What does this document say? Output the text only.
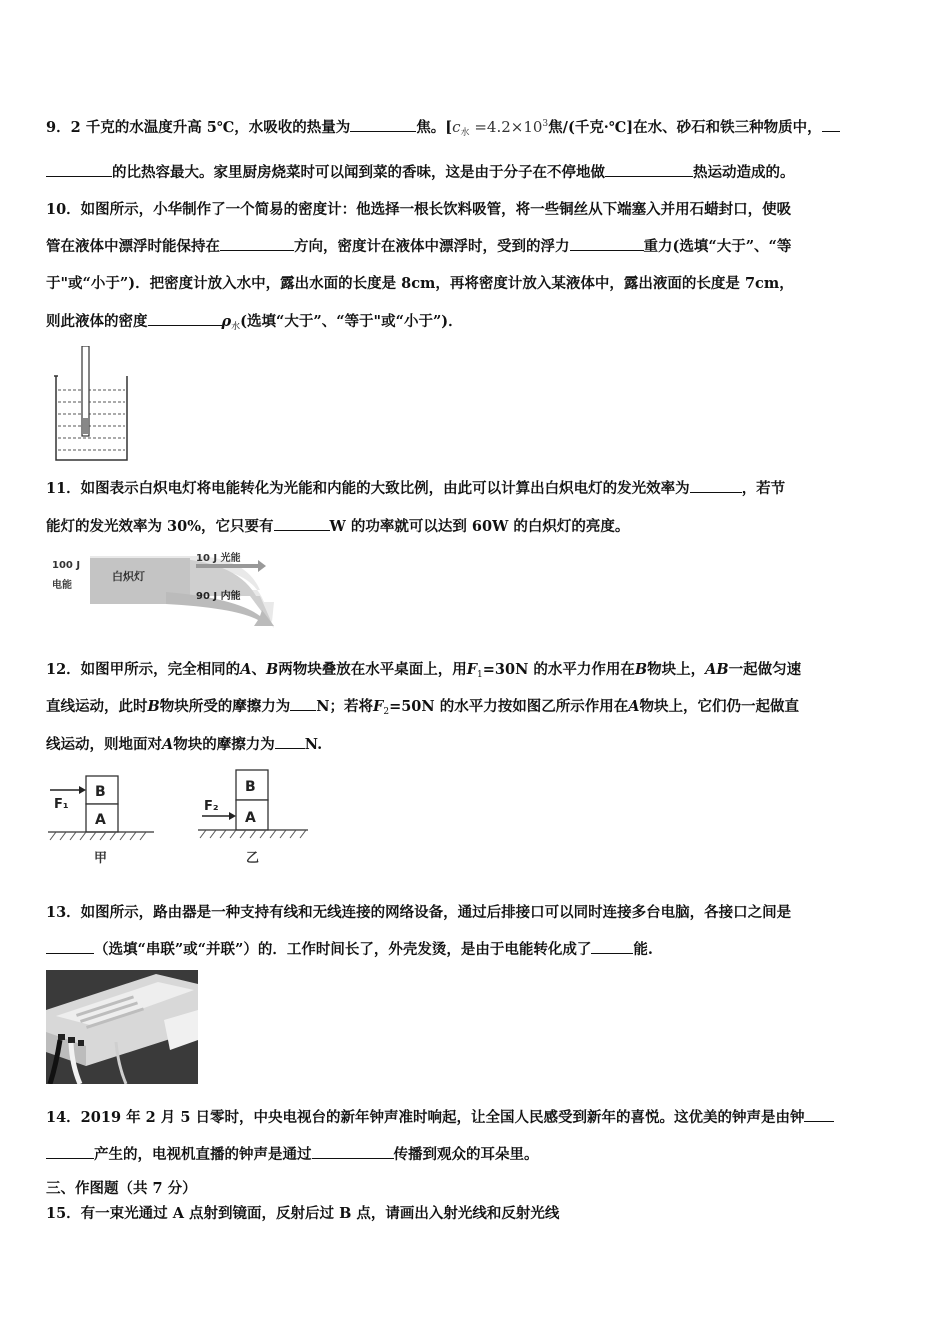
9．2 千克的水温度升高 5℃，水吸收的热量为	焦。[$c_水 =4.2\times 10^3$焦/(千克·℃]在水、砂石和铁三种物质中，
的比热容最大。家里厨房烧菜时可以闻到菜的香味，这是由于分子在不停地做	热运动造成的。
10．如图所示，小华制作了一个简易的密度计：他选择一根长饮料吸管，将一些铜丝从下端塞入并用石蜡封口，使吸
管在液体中漂浮时能保持在	方向，密度计在液体中漂浮时，受到的浮力	重力(选填“大于”、“等
于"或“小于”)．把密度计放入水中，露出水面的长度是 8cm，再将密度计放入某液体中，露出液面的长度是 7cm，
则此液体的密度	$\rho_水$(选填“大于”、“等于"或“小于”)．
11．如图表示白炽电灯将电能转化为光能和内能的大致比例，由此可以计算出白炽电灯的发光效率为	，若节
能灯的发光效率为 30%，它只要有	W 的功率就可以达到 60W 的白炽灯的亮度。
100 J
电能
白炽灯
10 J 光能
90 J 内能
12．如图甲所示，完全相同的A、B两物块叠放在水平桌面上，用$F_1=30N$ 的水平力作用在B物块上，AB一起做匀速
直线运动，此时B物块所受的摩擦力为 N；若将$F_2=50N$ 的水平力按如图乙所示作用在A物块上，它们仍一起做直
线运动，则地面对A物块的摩擦力为 N.
B
A
F₁
甲
B
A
F₂
乙
13．如图所示，路由器是一种支持有线和无线连接的网络设备，通过后排接口可以同时连接多台电脑，各接口之间是
（选填“串联”或“并联”）的．工作时间长了，外壳发烫，是由于电能转化成了	能.
14．2019 年 2 月 5 日零时，中央电视台的新年钟声准时响起，让全国人民感受到新年的喜悦。这优美的钟声是由钟
产生的，电视机直播的钟声是通过	传播到观众的耳朵里。
三、作图题（共 7 分）
15．有一束光通过 A 点射到镜面，反射后过 B 点，请画出入射光线和反射光线
